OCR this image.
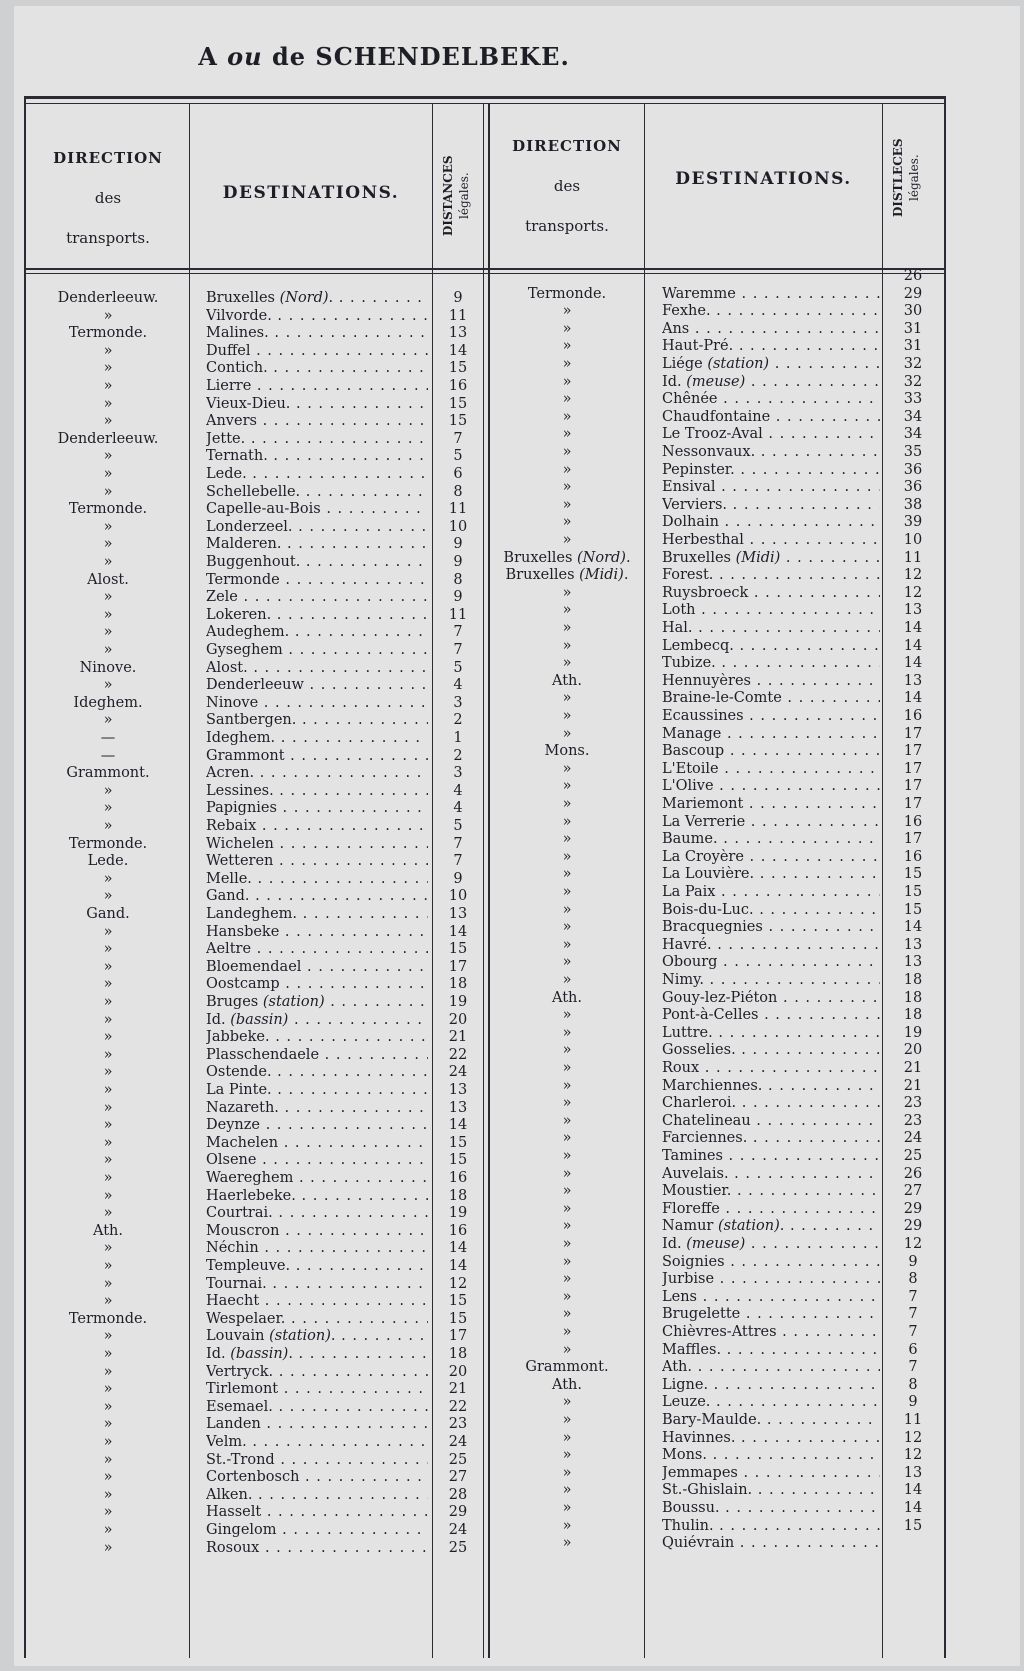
A ou de SCHENDELBEKE.
DIRECTION
des
transports.
DESTINATIONS.	DISTANCES légales.
DIRECTION
des
transports.
DESTINATIONS.	DISTLECES légales.
Denderleeuw.	Bruxelles (Nord). . . .	9
»	Vilvorde. . . .	11
Termonde.	Malines. . . .	13
»	Duffel . . .	14
»	Contich. . . .	15
»	Lierre . . .	16
»	Vieux-Dieu. . . .	15
»	Anvers . . .	15
Denderleeuw.	Jette. . . .	7
»	Ternath. . . .	5
»	Lede. . . .	6
»	Schellebelle. . . .	8
Termonde.	Capelle-au-Bois . . .	11
»	Londerzeel. . . .	10
»	Malderen. . . .	9
»	Buggenhout. . . .	9
Alost.	Termonde . . .	8
»	Zele . . .	9
»	Lokeren. . . .	11
»	Audeghem. . . .	7
»	Gyseghem . . .	7
Ninove.	Alost. . . .	5
»	Denderleeuw . . .	4
Ideghem.	Ninove . . .	3
»	Santbergen. . . .	2
—	Ideghem. . . .	1
—	Grammont . . .	2
Grammont.	Acren. . . .	3
»	Lessines. . . .	4
»	Papignies . . .	4
»	Rebaix . . .	5
Termonde.	Wichelen . . .	7
Lede.	Wetteren . . .	7
»	Melle. . . .	9
»	Gand. . . .	10
Gand.	Landeghem. . . .	13
»	Hansbeke . . .	14
»	Aeltre . . .	15
»	Bloemendael . . .	17
»	Oostcamp . . .	18
»	Bruges (station) . . .	19
»	Id. (bassin) . . .	20
»	Jabbeke. . . .	21
»	Plasschendaele . . .	22
»	Ostende. . . .	24
»	La Pinte. . . .	13
»	Nazareth. . . .	13
»	Deynze . . .	14
»	Machelen . . .	15
»	Olsene . . .	15
»	Waereghem . . .	16
»	Haerlebeke. . . .	18
»	Courtrai. . . .	19
Ath.	Mouscron . . .	16
»	Néchin . . .	14
»	Templeuve. . . .	14
»	Tournai. . . .	12
»	Haecht . . .	15
Termonde.	Wespelaer. . . .	15
»	Louvain (station). . . .	17
»	Id. (bassin). . . .	18
»	Vertryck. . . .	20
»	Tirlemont . . .	21
»	Esemael. . . .	22
»	Landen . . .	23
»	Velm. . . .	24
»	St.-Trond . . .	25
»	Cortenbosch . . .	27
»	Alken. . . .	28
»	Hasselt . . .	29
»	Gingelom . . .	24
»	Rosoux . . .	25
26
Termonde.	Waremme . . .	29
»	Fexhe. . . .	30
»	Ans . . .	31
»	Haut-Pré. . . .	31
»	Liége (station) . . .	32
»	Id. (meuse) . . .	32
»	Chênée . . .	33
»	Chaudfontaine . . .	34
»	Le Trooz-Aval . . .	34
»	Nessonvaux. . . .	35
»	Pepinster. . . .	36
»	Ensival . . .	36
»	Verviers. . . .	38
»	Dolhain . . .	39
»	Herbesthal . . .	10
Bruxelles (Nord).	Bruxelles (Midi) . . .	11
Bruxelles (Midi).	Forest. . . .	12
»	Ruysbroeck . . .	12
»	Loth . . .	13
»	Hal. . . .	14
»	Lembecq. . . .	14
»	Tubize. . . .	14
Ath.	Hennuyères . . .	13
»	Braine-le-Comte . . .	14
»	Écaussines . . .	16
»	Manage . . .	17
Mons.	Bascoup . . .	17
»	L'Étoile . . .	17
»	L'Olive . . .	17
»	Mariemont . . .	17
»	La Verrerie . . .	16
»	Baume. . . .	17
»	La Croyère . . .	16
»	La Louvière. . . .	15
»	La Paix . . .	15
»	Bois-du-Luc. . . .	15
»	Bracquegnies . . .	14
»	Havré. . . .	13
»	Obourg . . .	13
»	Nimy. . . .	18
Ath.	Gouy-lez-Piéton . . .	18
»	Pont-à-Celles . . .	18
»	Luttre. . . .	19
»	Gosselies. . . .	20
»	Roux . . .	21
»	Marchiennes. . . .	21
»	Charleroi. . . .	23
»	Chatelineau . . .	23
»	Farciennes. . . .	24
»	Tamines . . .	25
»	Auvelais. . . .	26
»	Moustier. . . .	27
»	Floreffe . . .	29
»	Namur (station). . . .	29
»	Id. (meuse) . . .	12
»	Soignies . . .	9
»	Jurbise . . .	8
»	Lens . . .	7
»	Brugelette . . .	7
»	Chièvres-Attres . . .	7
»	Maffles. . . .	6
Grammont.	Ath. . . .	7
Ath.	Ligne. . . .	8
»	Leuze. . . .	9
»	Bary-Maulde. . . .	11
»	Havinnes. . . .	12
»	Mons. . . .	12
»	Jemmapes . . .	13
»	St.-Ghislain. . . .	14
»	Boussu. . . .	14
»	Thulin. . . .	15
»	Quiévrain . . .
